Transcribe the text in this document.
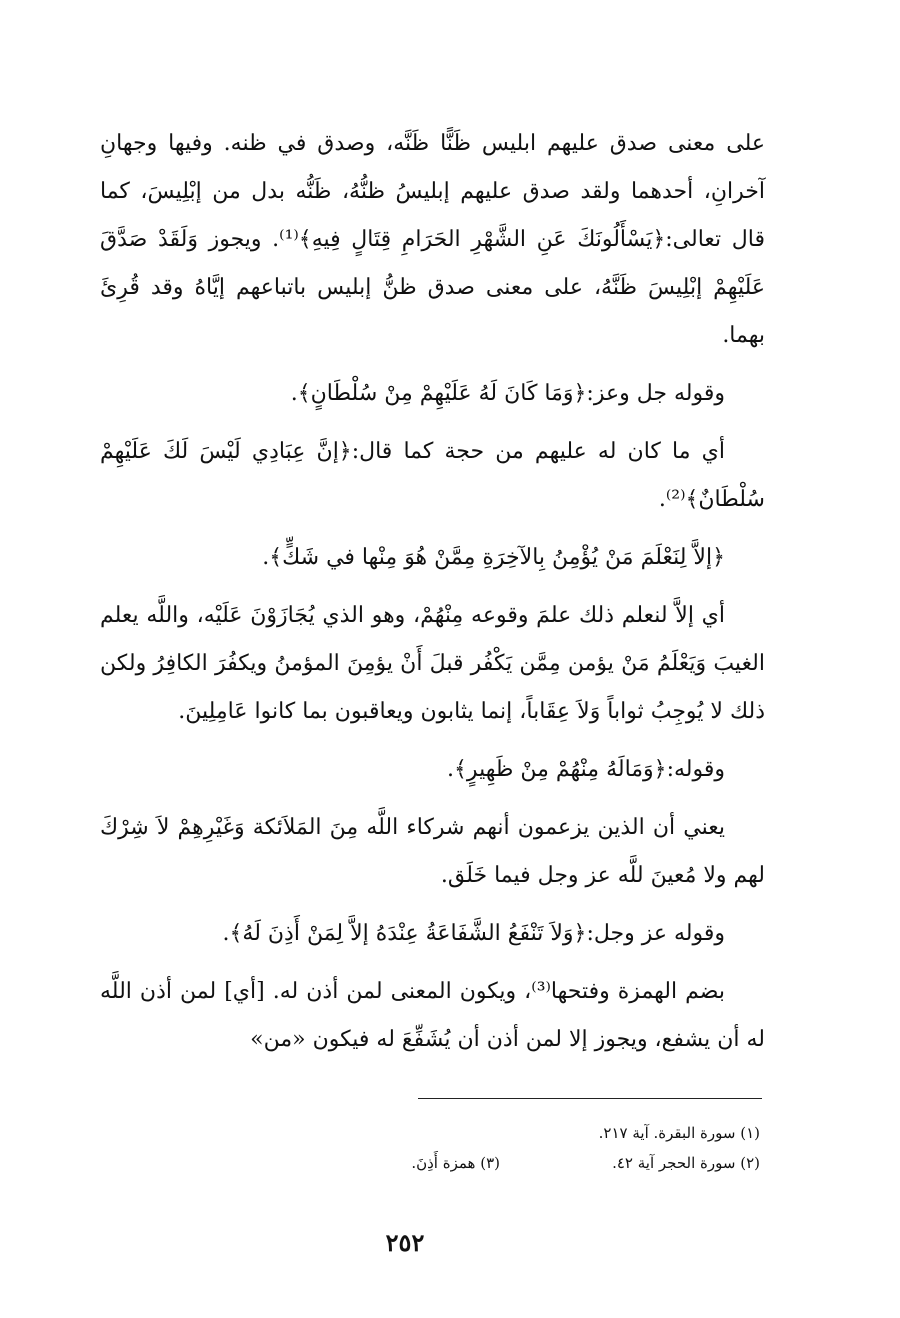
على معنى صدق عليهم ابليس ظَنًّا ظَنَّه، وصدق في ظنه. وفيها وجهانِ آخرانِ، أحدهما ولقد صدق عليهم إبليسُ ظنُّهُ، ظَنُّه بدل من إبْلِيسَ، كما قال تعالى:﴿يَسْأَلُونَكَ عَنِ الشَّهْرِ الحَرَامِ قِتَالٍ فِيهِ﴾⁽¹⁾. ويجوز وَلَقَدْ صَدَّقَ عَلَيْهِمْ إبْلِيسَ ظَنَّهُ، على معنى صدق ظنُّ إبليس باتباعهم إيَّاهُ وقد قُرِئَ بهما.

وقوله جل وعز:﴿وَمَا كَانَ لَهُ عَلَيْهِمْ مِنْ سُلْطَانٍ﴾.

أي ما كان له عليهم من حجة كما قال:﴿إنَّ عِبَادِي لَيْسَ لَكَ عَلَيْهِمْ سُلْطَانٌ﴾⁽²⁾.

﴿إلاَّ لِنَعْلَمَ مَنْ يُؤْمِنُ بِالآخِرَةِ مِمَّنْ هُوَ مِنْها في شَكٍّ﴾.

أي إلاَّ لنعلم ذلك علمَ وقوعه مِنْهُمْ، وهو الذي يُجَازَوْنَ عَلَيْه، واللَّه يعلم الغيبَ وَيَعْلَمُ مَنْ يؤمن مِمَّن يَكْفُر قبلَ أَنْ يؤمِنَ المؤمنُ ويكفُرَ الكافِرُ ولكن ذلك لا يُوجِبُ ثواباً وَلاَ عِقَاباً، إنما يثابون ويعاقبون بما كانوا عَامِلِينَ.

وقوله:﴿وَمَالَهُ مِنْهُمْ مِنْ ظَهِيرٍ﴾.

يعني أن الذين يزعمون أنهم شركاء اللَّه مِنَ المَلاَئكة وَغَيْرِهِمْ لاَ شِرْكَ لهم ولا مُعينَ للَّه عز وجل فيما خَلَق.

وقوله عز وجل:﴿وَلاَ تَنْفَعُ الشَّفَاعَةُ عِنْدَهُ إلاَّ لِمَنْ أَذِنَ لَهُ﴾.

بضم الهمزة وفتحها⁽³⁾، ويكون المعنى لمن أذن له. [أي] لمن أذن اللَّه له أن يشفع، ويجوز إلا لمن أذن أن يُشَفِّعَ له فيكون «من»

(١) سورة البقرة. آية ٢١٧.
(٢) سورة الحجر آية ٤٢.
(٣) همزة أَذِنَ.
٢٥٢
